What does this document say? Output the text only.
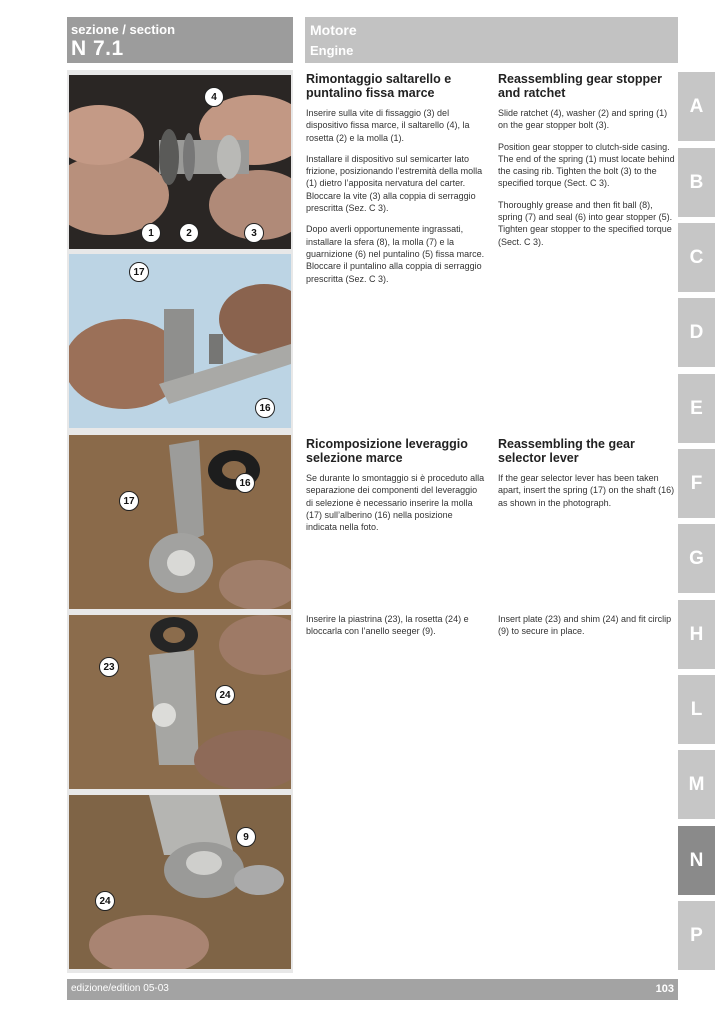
sezione / section
N 7.1
Motore
Engine
4
1	2	3
17
16
16
17
23
24
9
24
Rimontaggio saltarello e puntalino fissa marce

Inserire sulla vite di fissaggio (3) del dispositivo fissa marce, il saltarello (4), la rosetta (2) e la molla (1).

Installare il dispositivo sul semicarter lato frizione, posizionando l’estremità della molla (1) dietro l’apposita nervatura del carter. Bloccare la vite (3) alla coppia di serraggio prescritta (Sez. C 3).

Dopo averli opportunemente ingrassati, installare la sfera (8), la molla (7) e la guarnizione (6) nel puntalino (5) fissa marce. Bloccare il puntalino alla coppia di serraggio prescritta (Sez. C 3).

Reassembling gear stopper and ratchet

Slide ratchet (4), washer (2) and spring (1) on the gear stopper bolt (3).

Position gear stopper to clutch-side casing. The end of the spring (1) must locate behind the casing rib. Tighten the bolt (3) to the specified torque (Sect. C 3).

Thoroughly grease and then fit ball (8), spring (7) and seal (6) into gear stopper (5). Tighten gear stopper to the specified torque (Sect. C 3).

Ricomposizione leveraggio selezione marce

Se durante lo smontaggio si è proceduto alla separazione dei componenti del leveraggio di selezione è necessario inserire la molla (17) sull’alberino (16) nella posizione indicata nella foto.

Reassembling the gear selector lever

If the gear selector lever has been taken apart, insert the spring (17) on the shaft (16) as shown in the photograph.

Inserire la piastrina (23), la rosetta (24) e bloccarla con l’anello seeger (9).

Insert plate (23) and shim (24) and fit circlip (9) to secure in place.

A
B
C
D
E
F
G
H
L
M
N
P
edizione/edition 05-03	103
